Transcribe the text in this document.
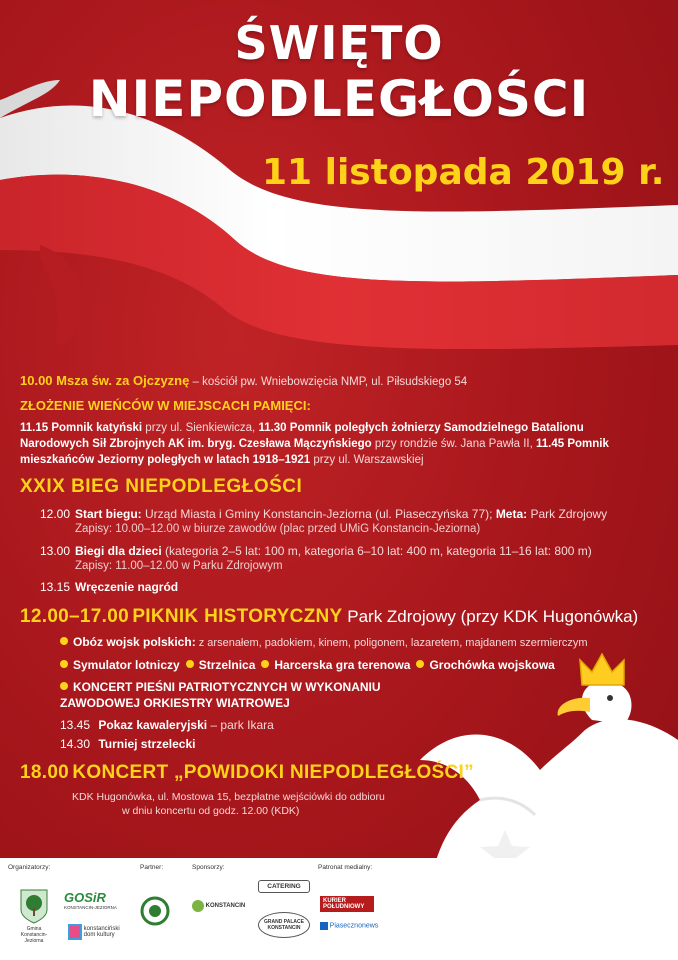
ŚWIĘTO
NIEPODLEGŁOŚCI
11 listopada 2019 r.
10.00 Msza św. za Ojczyznę – kościół pw. Wniebowzięcia NMP, ul. Piłsudskiego 54
ZŁOŻENIE WIEŃCÓW W MIEJSCACH PAMIĘCI:
11.15 Pomnik katyński przy ul. Sienkiewicza, 11.30 Pomnik poległych żołnierzy Samodzielnego Batalionu Narodowych Sił Zbrojnych AK im. bryg. Czesława Mączyńskiego przy rondzie św. Jana Pawła II, 11.45 Pomnik mieszkańców Jeziorny poległych w latach 1918–1921 przy ul. Warszawskiej
XXIX BIEG NIEPODLEGŁOŚCI
12.00 Start biegu: Urząd Miasta i Gminy Konstancin-Jeziorna (ul. Piaseczyńska 77); Meta: Park Zdrojowy
Zapisy: 10.00–12.00 w biurze zawodów (plac przed UMiG Konstancin-Jeziorna)
13.00 Biegi dla dzieci (kategoria 2–5 lat: 100 m, kategoria 6–10 lat: 400 m, kategoria 11–16 lat: 800 m)
Zapisy: 11.00–12.00 w Parku Zdrojowym
13.15 Wręczenie nagród
12.00–17.00 PIKNIK HISTORYCZNY Park Zdrojowy (przy KDK Hugonówka)
Obóz wojsk polskich: z arsenałem, padokiem, kinem, poligonem, lazaretem, majdanem szermierczym
Symulator lotniczy Strzelnica Harcerska gra terenowa Grochówka wojskowa
KONCERT PIEŚNI PATRIOTYCZNYCH W WYKONANIU ZAWODOWEJ ORKIESTRY WIATROWEJ
13.45 Pokaz kawaleryjski – park Ikara
14.30 Turniej strzelecki
18.00 KONCERT „POWIDOKI NIEPODLEGŁOŚCI”
KDK Hugonówka, ul. Mostowa 15, bezpłatne wejściówki do odbioru
w dniu koncertu od godz. 12.00 (KDK)
Organizatorzy:	Partner:	Sponsorzy:	Patronat medialny:
Gmina Konstancin-Jeziorna
GOSiR
KONSTANCIN-JEZIORNA
konstanciński dom kultury
KONSTANCIN
CATERING
GRAND PALACE KONSTANCIN
KURIER POŁUDNIOWY
Piasecznonews
